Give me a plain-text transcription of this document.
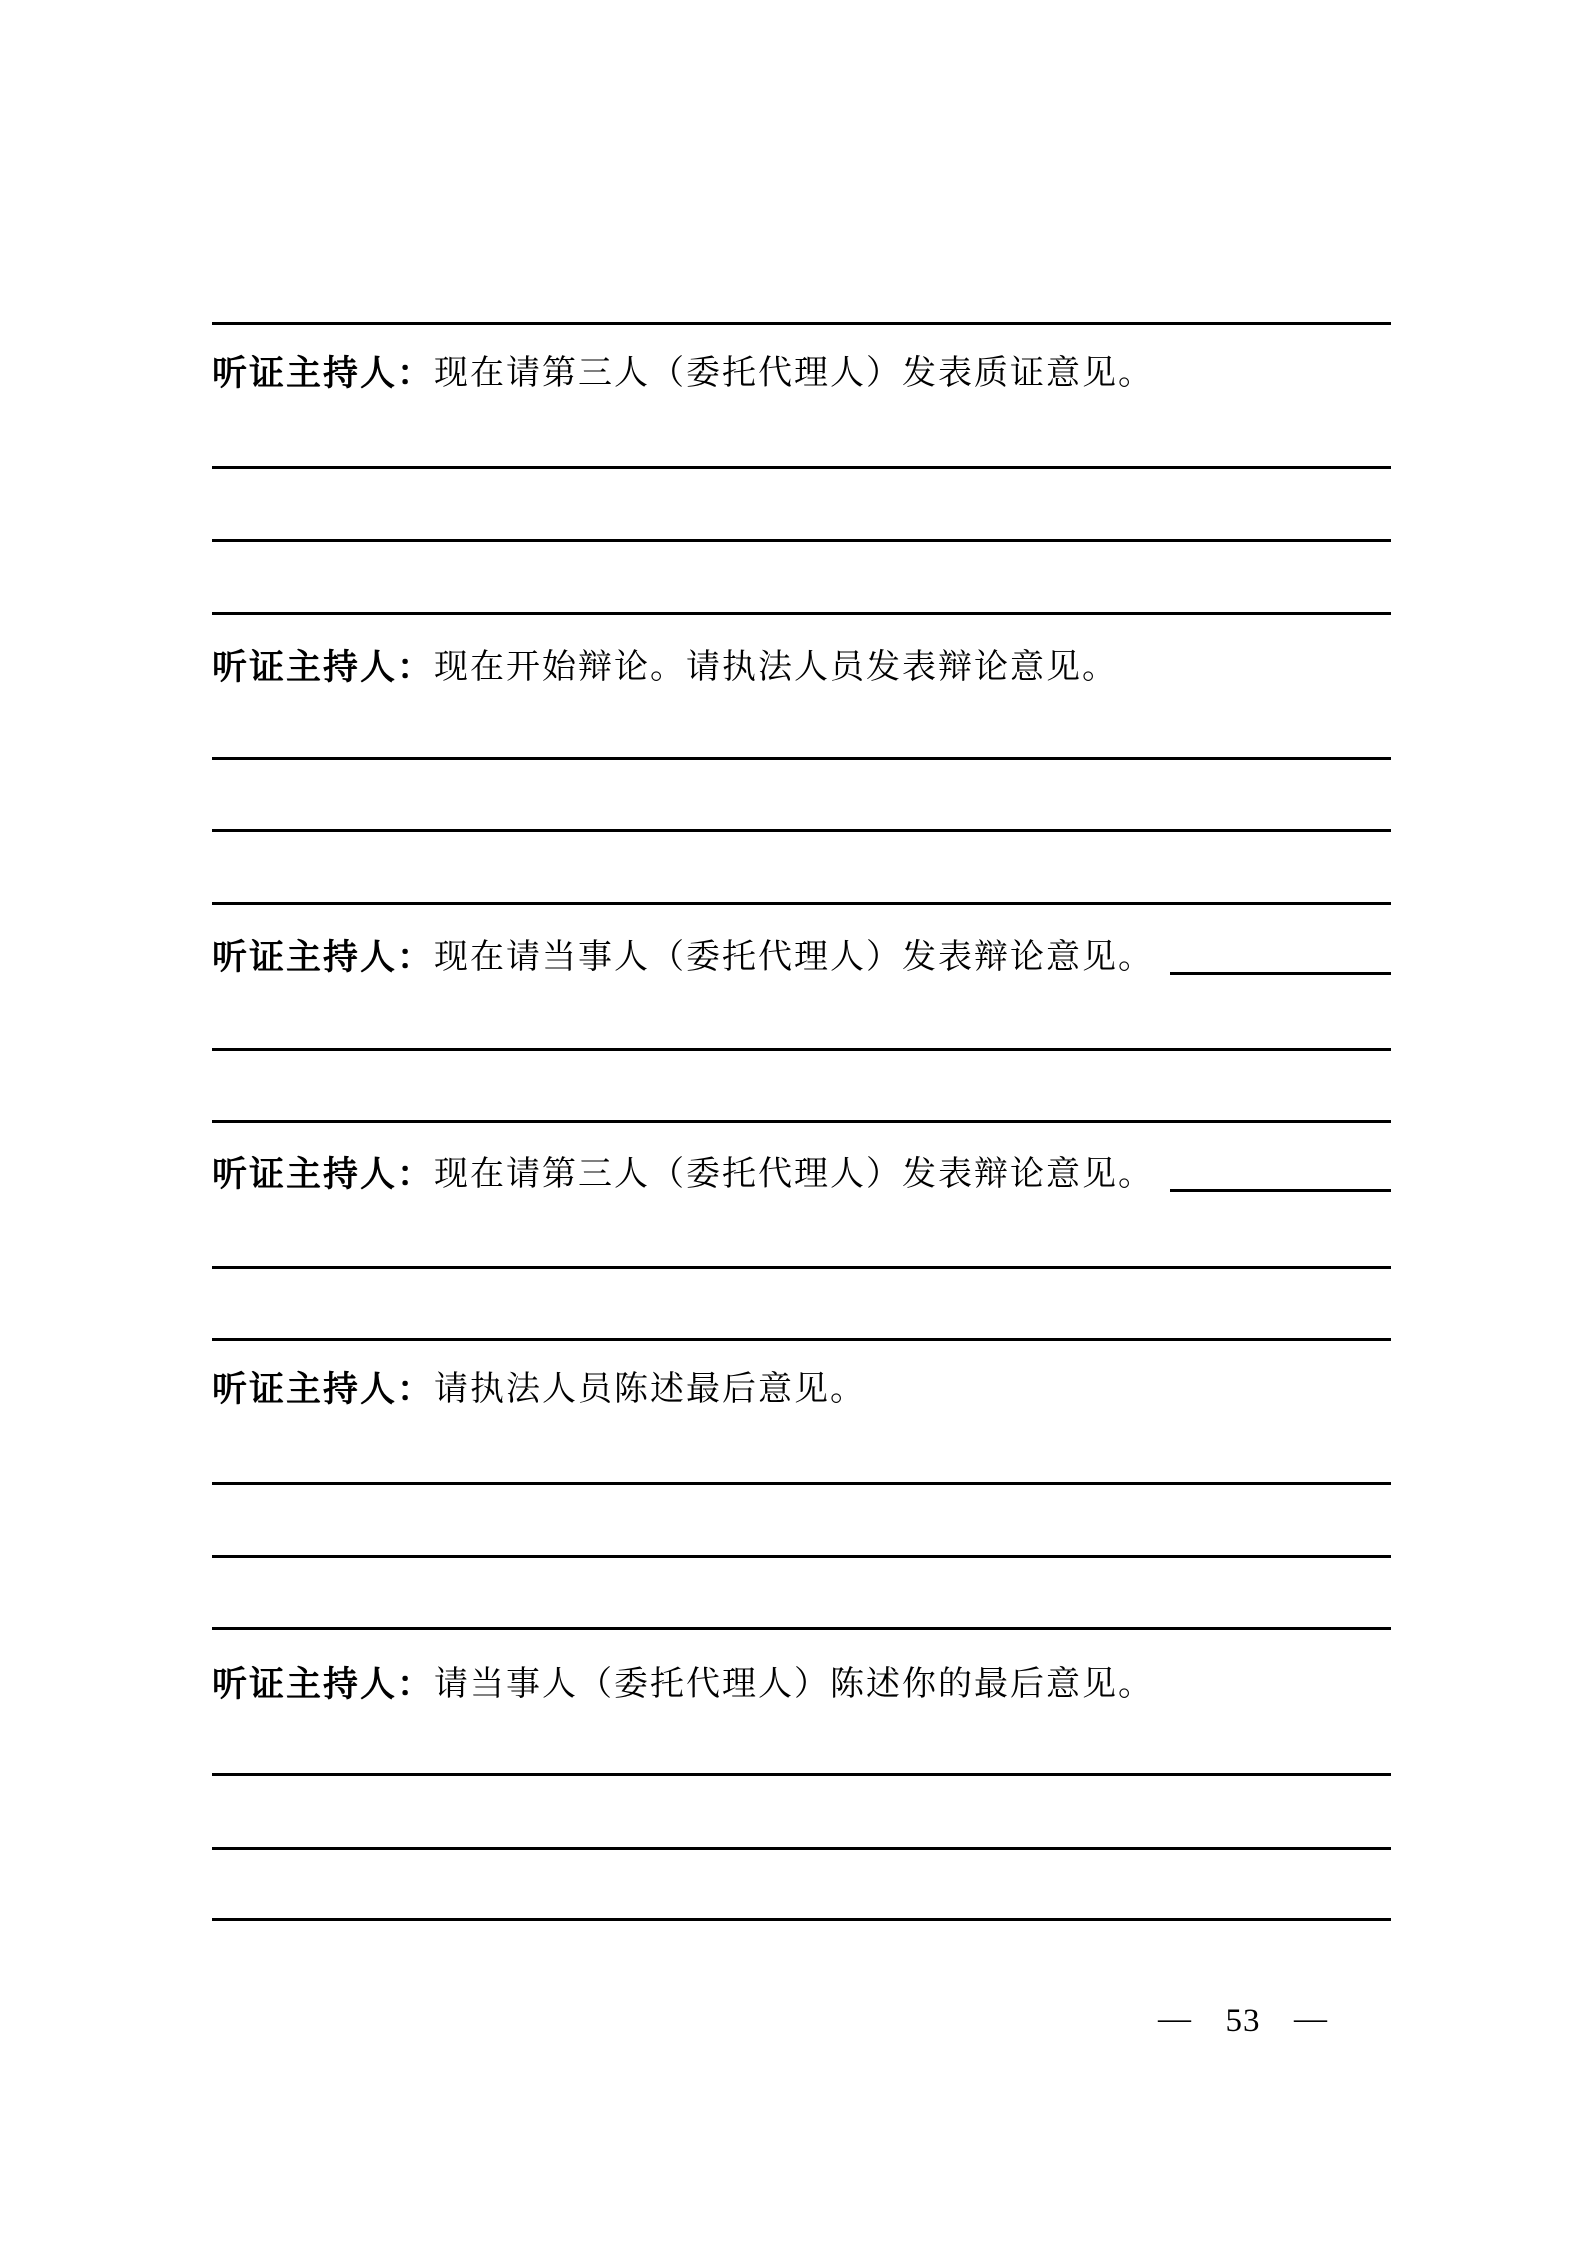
听证主持人： 现在请第三人（委托代理人）发表质证意见。
听证主持人： 现在开始辩论。请执法人员发表辩论意见。
听证主持人： 现在请当事人（委托代理人）发表辩论意见。
听证主持人： 现在请第三人（委托代理人）发表辩论意见。
听证主持人： 请执法人员陈述最后意见。
听证主持人： 请当事人（委托代理人）陈述你的最后意见。
— 53 —
